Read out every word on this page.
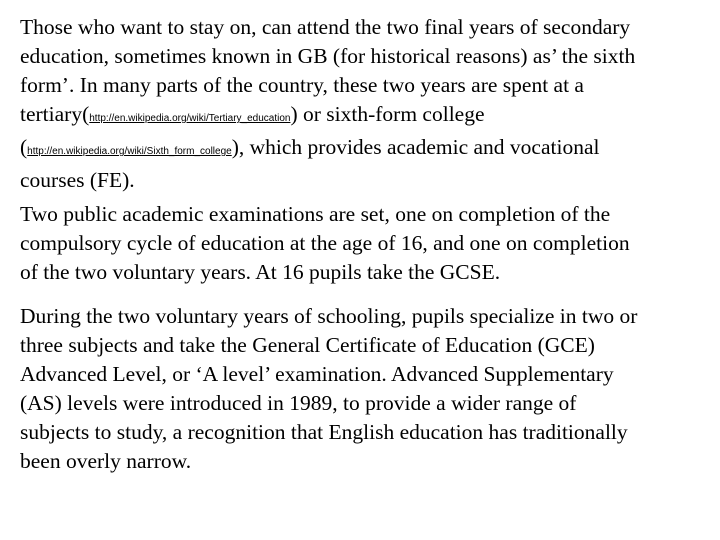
Those who want to stay on, can attend the two final years of secondary
education, sometimes known in GB (for historical reasons) as’ the sixth
form’. In many parts of the country, these two years are spent at a
tertiary(http://en.wikipedia.org/wiki/Tertiary_education) or sixth-form college
(http://en.wikipedia.org/wiki/Sixth_form_college), which provides academic and vocational
courses (FE).
Two public academic examinations are set, one on completion of the
compulsory cycle of education at the age of 16, and one on completion
of the two voluntary years. At 16 pupils take the GCSE.
During the two voluntary years of schooling, pupils specialize in two or
three subjects and take the General Certificate of Education (GCE)
Advanced Level, or ‘A level’ examination. Advanced Supplementary
(AS) levels were introduced in 1989, to provide a wider range of
subjects to study, a recognition that English education has traditionally
been overly narrow.
